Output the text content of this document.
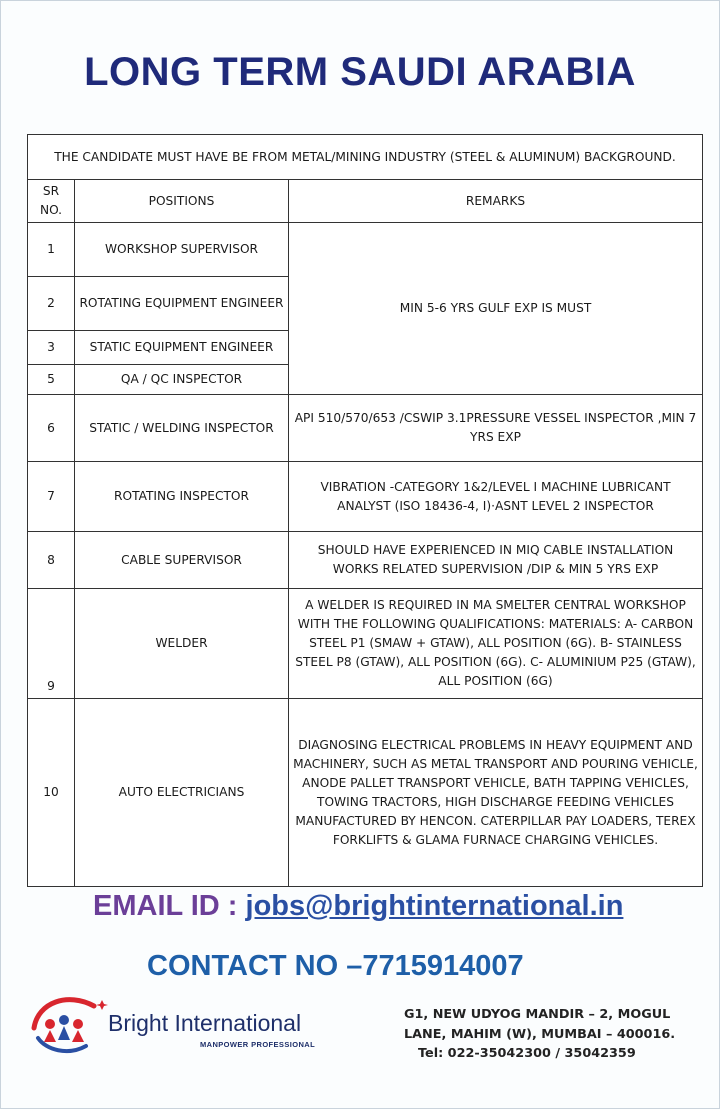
LONG TERM SAUDI ARABIA
THE CANDIDATE MUST HAVE BE FROM METAL/MINING INDUSTRY (STEEL & ALUMINUM) BACKGROUND.		
SR NO.	POSITIONS	REMARKS
1	WORKSHOP SUPERVISOR	MIN 5-6 YRS GULF EXP IS MUST
2	ROTATING EQUIPMENT ENGINEER	
3	STATIC EQUIPMENT ENGINEER	
5	QA / QC INSPECTOR	
6	STATIC / WELDING INSPECTOR	API 510/570/653 /CSWIP 3.1PRESSURE VESSEL INSPECTOR ,MIN 7 YRS EXP
7	ROTATING INSPECTOR	VIBRATION -CATEGORY 1&2/LEVEL I MACHINE LUBRICANT ANALYST (ISO 18436-4, I)·ASNT LEVEL 2 INSPECTOR
8	CABLE SUPERVISOR	SHOULD HAVE EXPERIENCED IN MIQ CABLE INSTALLATION WORKS RELATED SUPERVISION /DIP & MIN 5 YRS EXP
9	WELDER	A WELDER IS REQUIRED IN MA SMELTER CENTRAL WORKSHOP WITH THE FOLLOWING QUALIFICATIONS: MATERIALS: A- CARBON STEEL P1 (SMAW + GTAW), ALL POSITION (6G). B- STAINLESS STEEL P8 (GTAW), ALL POSITION (6G). C- ALUMINIUM P25 (GTAW), ALL POSITION (6G)
10	AUTO ELECTRICIANS	DIAGNOSING ELECTRICAL PROBLEMS IN HEAVY EQUIPMENT AND MACHINERY, SUCH AS METAL TRANSPORT AND POURING VEHICLE, ANODE PALLET TRANSPORT VEHICLE, BATH TAPPING VEHICLES, TOWING TRACTORS, HIGH DISCHARGE FEEDING VEHICLES MANUFACTURED BY HENCON. CATERPILLAR PAY LOADERS, TEREX FORKLIFTS & GLAMA FURNACE CHARGING VEHICLES.
EMAIL ID : jobs@brightinternational.in
CONTACT NO –7715914007
Bright International
MANPOWER PROFESSIONAL
G1, NEW UDYOG MANDIR – 2, MOGUL
LANE, MAHIM (W), MUMBAI – 400016.
Tel: 022-35042300 / 35042359
